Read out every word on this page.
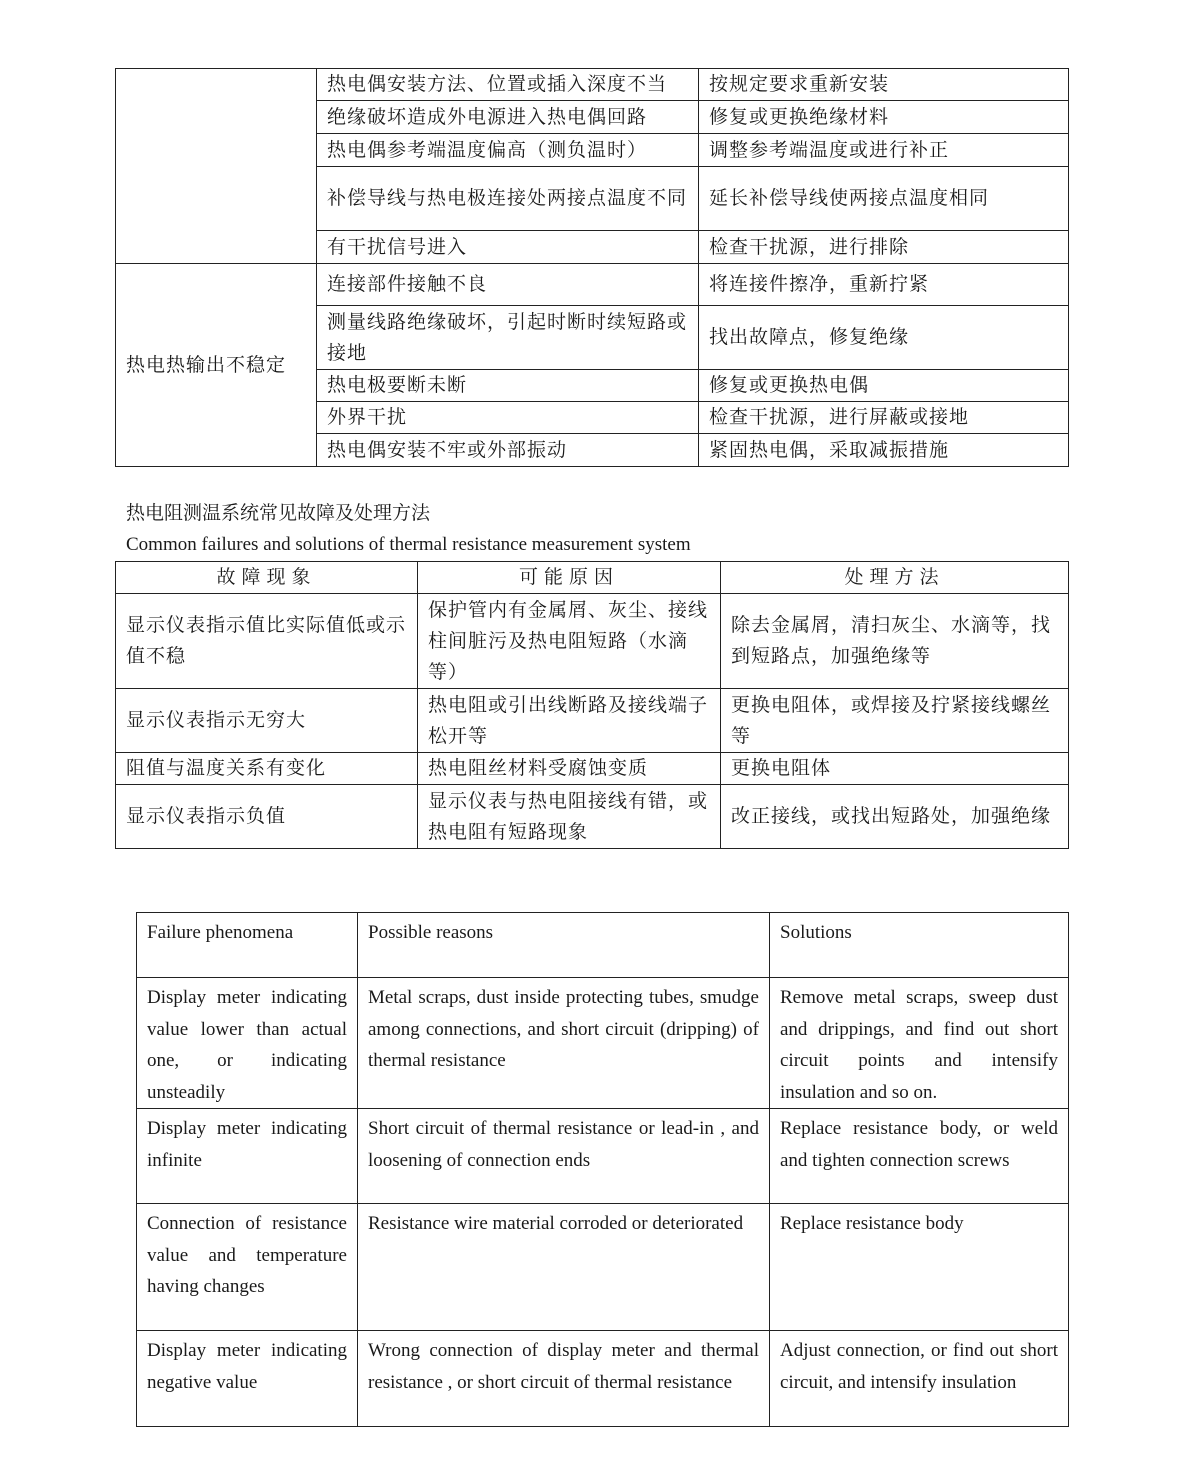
	热电偶安装方法、位置或插入深度不当	按规定要求重新安装
	绝缘破坏造成外电源进入热电偶回路	修复或更换绝缘材料
	热电偶参考端温度偏高（测负温时）	调整参考端温度或进行补正
	补偿导线与热电极连接处两接点温度不同	延长补偿导线使两接点温度相同
	有干扰信号进入	检查干扰源，进行排除
热电热输出不稳定	连接部件接触不良	将连接件擦净，重新拧紧
	测量线路绝缘破坏，引起时断时续短路或接地	找出故障点，修复绝缘
	热电极要断未断	修复或更换热电偶
	外界干扰	检查干扰源，进行屏蔽或接地
	热电偶安装不牢或外部振动	紧固热电偶，采取减振措施
热电阻测温系统常见故障及处理方法
Common failures and solutions of thermal resistance measurement system
故障现象	可能原因	处理方法
显示仪表指示值比实际值低或示值不稳	保护管内有金属屑、灰尘、接线柱间脏污及热电阻短路（水滴等）	除去金属屑，清扫灰尘、水滴等，找到短路点，加强绝缘等
显示仪表指示无穷大	热电阻或引出线断路及接线端子松开等	更换电阻体，或焊接及拧紧接线螺丝等
阻值与温度关系有变化	热电阻丝材料受腐蚀变质	更换电阻体
显示仪表指示负值	显示仪表与热电阻接线有错，或热电阻有短路现象	改正接线，或找出短路处，加强绝缘
Failure phenomena	Possible reasons	Solutions
Display meter indicating value lower than actual one, or indicating unsteadily	Metal scraps, dust inside protecting tubes, smudge among connections, and short circuit (dripping) of thermal resistance	Remove metal scraps, sweep dust and drippings, and find out short circuit points and intensify insulation and so on.
Display meter indicating infinite	Short circuit of thermal resistance or lead-in , and loosening of connection ends	Replace resistance body, or weld and tighten connection screws
Connection of resistance value and temperature having changes	Resistance wire material corroded or deteriorated	Replace resistance body
Display meter indicating negative value	Wrong connection of display meter and thermal resistance , or short circuit of thermal resistance	Adjust connection, or find out short circuit, and intensify insulation
